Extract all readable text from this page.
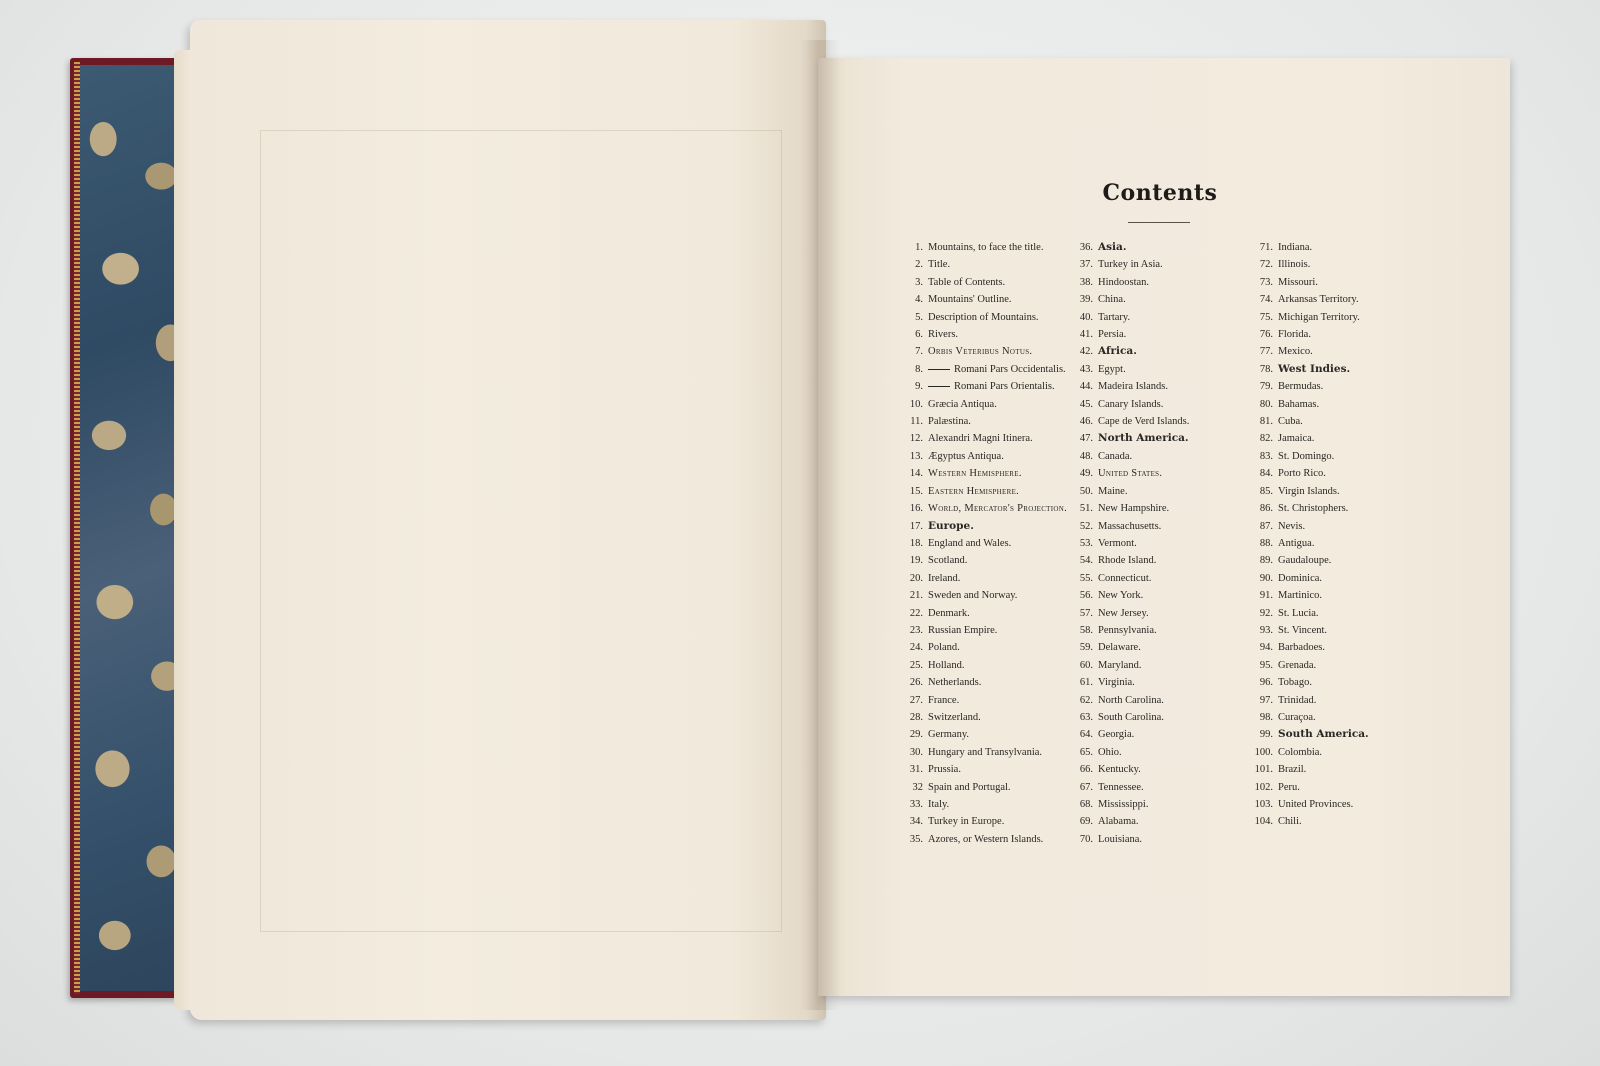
Contents
1. Mountains, to face the title.
2. Title.
3. Table of Contents.
4. Mountains' Outline.
5. Description of Mountains.
6. Rivers.
7. Orbis Veteribus Notus.
8.	Romani Pars Occidentalis.
9.	Romani Pars Orientalis.
10. Græcia Antiqua.
11. Palæstina.
12. Alexandri Magni Itinera.
13. Ægyptus Antiqua.
14. Western Hemisphere.
15. Eastern Hemisphere.
16. World, Mercator's Projection.
17. Europe.
18. England and Wales.
19. Scotland.
20. Ireland.
21. Sweden and Norway.
22. Denmark.
23. Russian Empire.
24. Poland.
25. Holland.
26. Netherlands.
27. France.
28. Switzerland.
29. Germany.
30. Hungary and Transylvania.
31. Prussia.
32 Spain and Portugal.
33. Italy.
34. Turkey in Europe.
35. Azores, or Western Islands.
36. Asia.
37. Turkey in Asia.
38. Hindoostan.
39. China.
40. Tartary.
41. Persia.
42. Africa.
43. Egypt.
44. Madeira Islands.
45. Canary Islands.
46. Cape de Verd Islands.
47. North America.
48. Canada.
49. United States.
50. Maine.
51. New Hampshire.
52. Massachusetts.
53. Vermont.
54. Rhode Island.
55. Connecticut.
56. New York.
57. New Jersey.
58. Pennsylvania.
59. Delaware.
60. Maryland.
61. Virginia.
62. North Carolina.
63. South Carolina.
64. Georgia.
65. Ohio.
66. Kentucky.
67. Tennessee.
68. Mississippi.
69. Alabama.
70. Louisiana.
71. Indiana.
72. Illinois.
73. Missouri.
74. Arkansas Territory.
75. Michigan Territory.
76. Florida.
77. Mexico.
78. West Indies.
79. Bermudas.
80. Bahamas.
81. Cuba.
82. Jamaica.
83. St. Domingo.
84. Porto Rico.
85. Virgin Islands.
86. St. Christophers.
87. Nevis.
88. Antigua.
89. Gaudaloupe.
90. Dominica.
91. Martinico.
92. St. Lucia.
93. St. Vincent.
94. Barbadoes.
95. Grenada.
96. Tobago.
97. Trinidad.
98. Curaçoa.
99. South America.
100. Colombia.
101. Brazil.
102. Peru.
103. United Provinces.
104. Chili.
